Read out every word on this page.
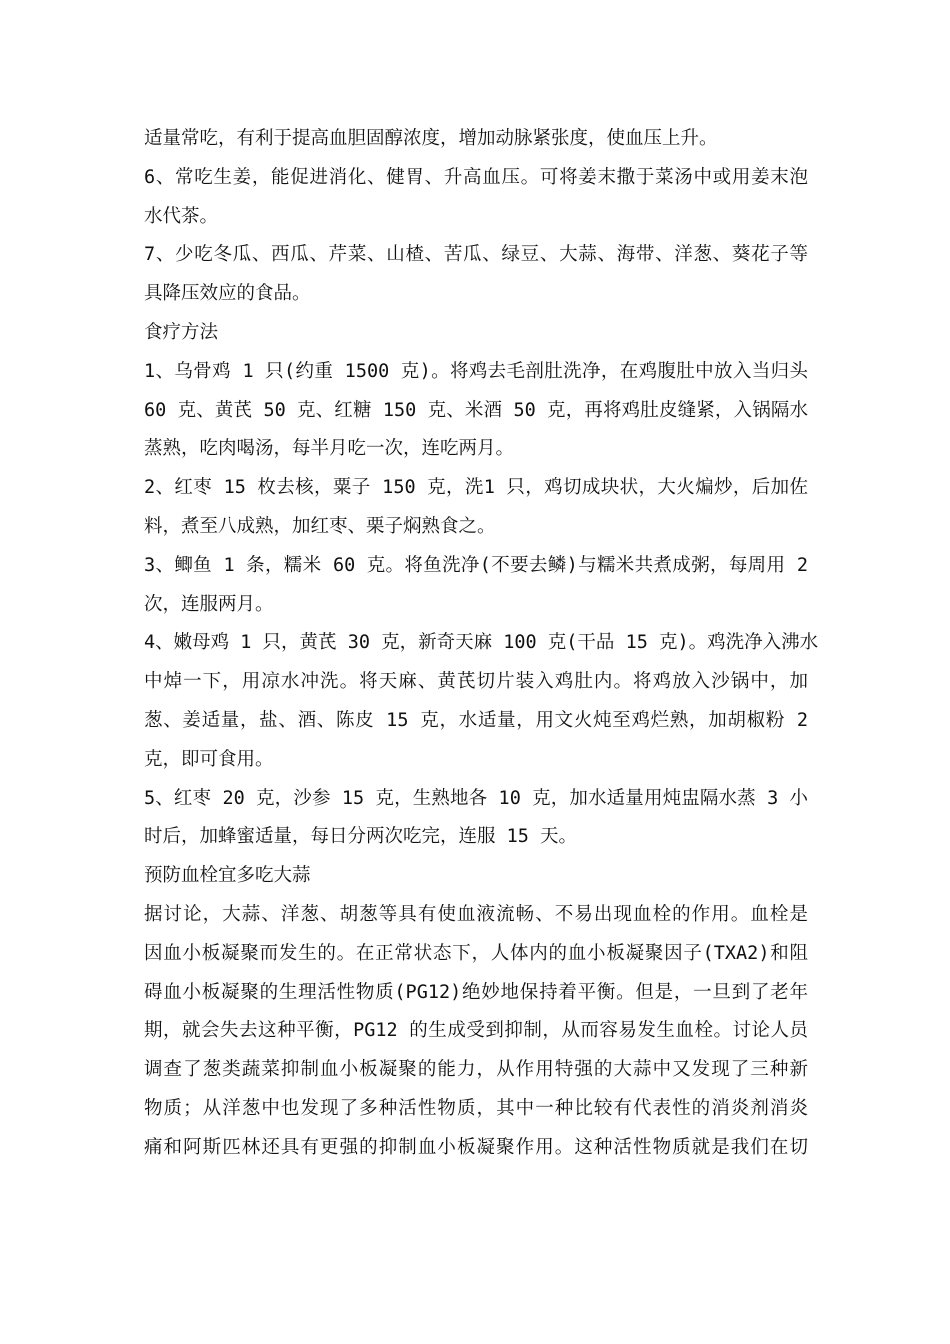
适量常吃，有利于提高血胆固醇浓度，增加动脉紧张度，使血压上升。
6、常吃生姜，能促进消化、健胃、升高血压。可将姜末撒于菜汤中或用姜末泡
水代茶。
7、少吃冬瓜、西瓜、芹菜、山楂、苦瓜、绿豆、大蒜、海带、洋葱、葵花子等
具降压效应的食品。
食疗方法
1、乌骨鸡 1 只(约重 1500 克)。将鸡去毛剖肚洗净，在鸡腹肚中放入当归头
60 克、黄芪 50 克、红糖 150 克、米酒 50 克，再将鸡肚皮缝紧，入锅隔水
蒸熟，吃肉喝汤，每半月吃一次，连吃两月。
2、红枣 15 枚去核，粟子 150 克，洗1 只，鸡切成块状，大火煸炒，后加佐
料，煮至八成熟，加红枣、栗子焖熟食之。
3、鲫鱼 1 条，糯米 60 克。将鱼洗净(不要去鳞)与糯米共煮成粥，每周用 2
次，连服两月。
4、嫩母鸡 1 只，黄芪 30 克，新奇天麻 100 克(干品 15 克)。鸡洗净入沸水
中焯一下，用凉水冲洗。将天麻、黄芪切片装入鸡肚内。将鸡放入沙锅中，加
葱、姜适量，盐、酒、陈皮 15 克，水适量，用文火炖至鸡烂熟，加胡椒粉 2
克，即可食用。
5、红枣 20 克，沙参 15 克，生熟地各 10 克，加水适量用炖盅隔水蒸 3 小
时后，加蜂蜜适量，每日分两次吃完，连服 15 天。
预防血栓宜多吃大蒜
据讨论，大蒜、洋葱、胡葱等具有使血液流畅、不易出现血栓的作用。血栓是
因血小板凝聚而发生的。在正常状态下，人体内的血小板凝聚因子(TXA2)和阻
碍血小板凝聚的生理活性物质(PG12)绝妙地保持着平衡。但是，一旦到了老年
期，就会失去这种平衡，PG12 的生成受到抑制，从而容易发生血栓。讨论人员
调查了葱类蔬菜抑制血小板凝聚的能力，从作用特强的大蒜中又发现了三种新
物质；从洋葱中也发现了多种活性物质，其中一种比较有代表性的消炎剂消炎
痛和阿斯匹林还具有更强的抑制血小板凝聚作用。这种活性物质就是我们在切
